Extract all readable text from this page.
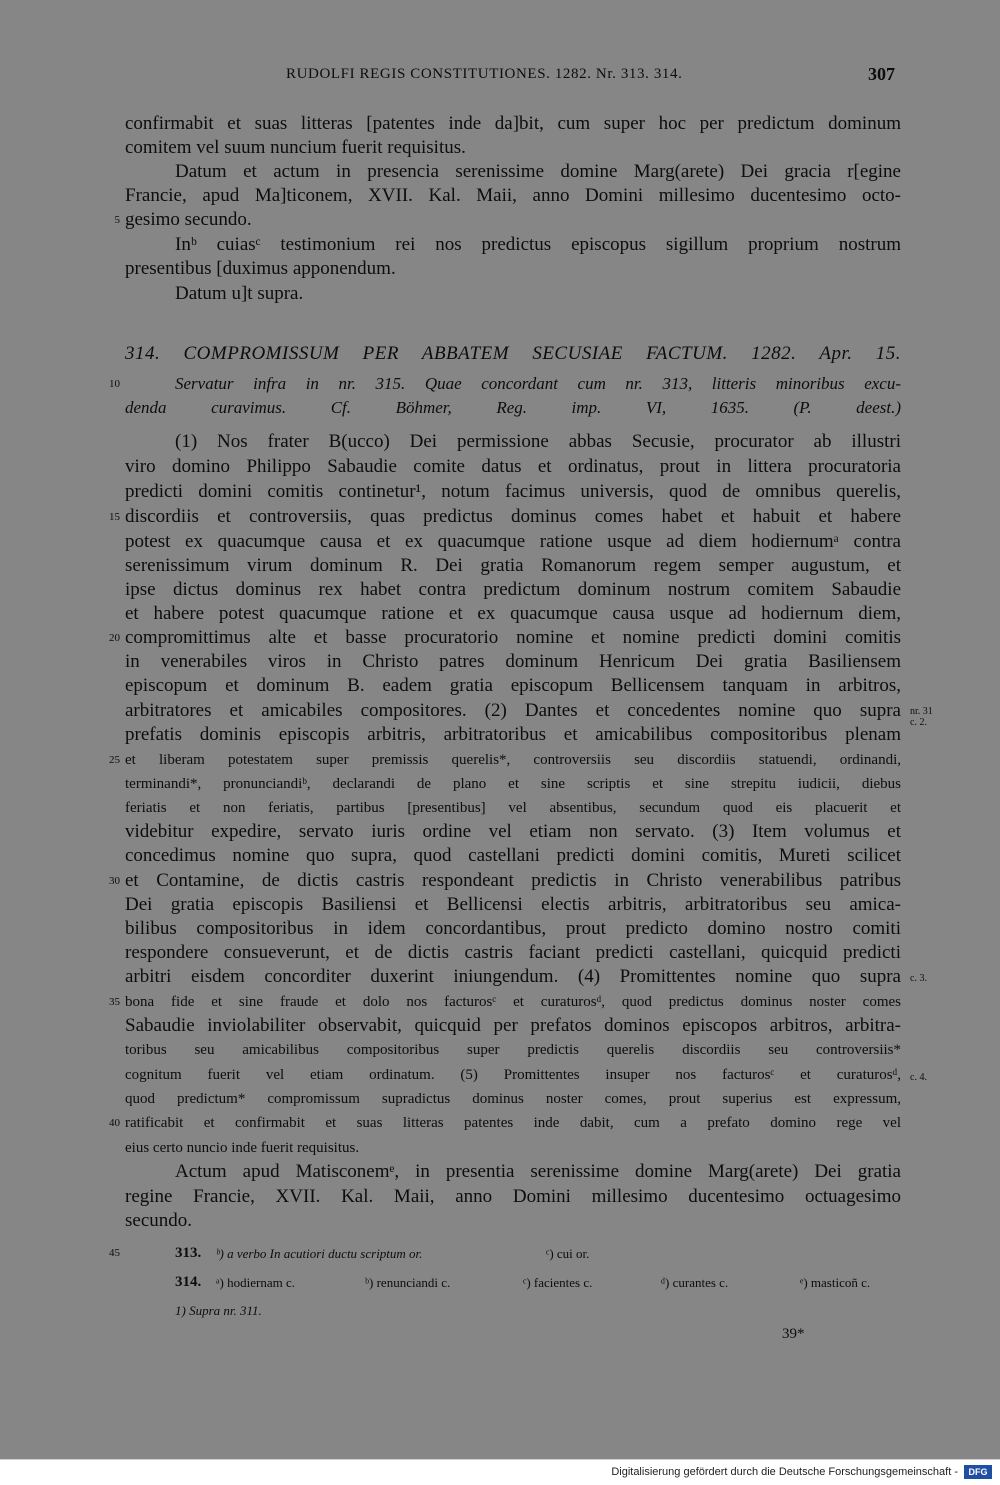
RUDOLFI REGIS CONSTITUTIONES. 1282. Nr. 313. 314.	307
confirmabit et suas litteras [patentes inde da]bit, cum super hoc per predictum dominum
comitem vel suum nuncium fuerit requisitus.
Datum et actum in presencia serenissime domine Marg(arete) Dei gracia r[egine
Francie, apud Ma]ticonem, XVII. Kal. Maii, anno Domini millesimo ducentesimo octo-
gesimo secundo.
Inᵇ cuiasᶜ testimonium rei nos predictus episcopus sigillum proprium nostrum
presentibus [duximus apponendum.
Datum u]t supra.
314. COMPROMISSUM PER ABBATEM SECUSIAE FACTUM. 1282. Apr. 15.
Servatur infra in nr. 315. Quae concordant cum nr. 313, litteris minoribus excu-
denda curavimus. Cf. Böhmer, Reg. imp. VI, 1635. (P. deest.)
(1) Nos frater B(ucco) Dei permissione abbas Secusie, procurator ab illustri
viro domino Philippo Sabaudie comite datus et ordinatus, prout in littera procuratoria
predicti domini comitis continetur¹, notum facimus universis, quod de omnibus querelis,
discordiis et controversiis, quas predictus dominus comes habet et habuit et habere
potest ex quacumque causa et ex quacumque ratione usque ad diem hodiernumᵃ contra
serenissimum virum dominum R. Dei gratia Romanorum regem semper augustum, et
ipse dictus dominus rex habet contra predictum dominum nostrum comitem Sabaudie
et habere potest quacumque ratione et ex quacumque causa usque ad hodiernum diem,
compromittimus alte et basse procuratorio nomine et nomine predicti domini comitis
in venerabiles viros in Christo patres dominum Henricum Dei gratia Basiliensem
episcopum et dominum B. eadem gratia episcopum Bellicensem tanquam in arbitros,
arbitratores et amicabiles compositores. (2) Dantes et concedentes nomine quo supra
prefatis dominis episcopis arbitris, arbitratoribus et amicabilibus compositoribus plenam
et liberam potestatem super premissis querelis*, controversiis seu discordiis statuendi, ordinandi,
terminandi*, pronunciandiᵇ, declarandi de plano et sine scriptis et sine strepitu iudicii, diebus
feriatis et non feriatis, partibus [presentibus] vel absentibus, secundum quod eis placuerit et
videbitur expedire, servato iuris ordine vel etiam non servato. (3) Item volumus et
concedimus nomine quo supra, quod castellani predicti domini comitis, Mureti scilicet
et Contamine, de dictis castris respondeant predictis in Christo venerabilibus patribus
Dei gratia episcopis Basiliensi et Bellicensi electis arbitris, arbitratoribus seu amica-
bilibus compositoribus in idem concordantibus, prout predicto domino nostro comiti
respondere consueverunt, et de dictis castris faciant predicti castellani, quicquid predicti
arbitri eisdem concorditer duxerint iniungendum. (4) Promittentes nomine quo supra
bona fide et sine fraude et dolo nos facturosᶜ et curaturosᵈ, quod predictus dominus noster comes
Sabaudie inviolabiliter observabit, quicquid per prefatos dominos episcopos arbitros, arbitra-
toribus seu amicabilibus compositoribus super predictis querelis discordiis seu controversiis*
cognitum fuerit vel etiam ordinatum. (5) Promittentes insuper nos facturosᶜ et curaturosᵈ,
quod predictum* compromissum supradictus dominus noster comes, prout superius est expressum,
ratificabit et confirmabit et suas litteras patentes inde dabit, cum a prefato domino rege vel
eius certo nuncio inde fuerit requisitus.
Actum apud Matisconemᵉ, in presentia serenissime domine Marg(arete) Dei gratia
regine Francie, XVII. Kal. Maii, anno Domini millesimo ducentesimo octuagesimo
secundo.
5
10
15
20
25
30
35
40
45
nr. 31
c. 2.
c. 3.
c. 4.
313. ᵇ) a verbo In acutiori ductu scriptum or.	ᶜ) cui or.
314. ᵃ) hodiernam c.	ᵇ) renunciandi c.	ᶜ) facientes c.	ᵈ) curantes c.	ᵉ) masticoñ c.
1) Supra nr. 311.
39*
Digitalisierung gefördert durch die Deutsche Forschungsgemeinschaft -	DFG
